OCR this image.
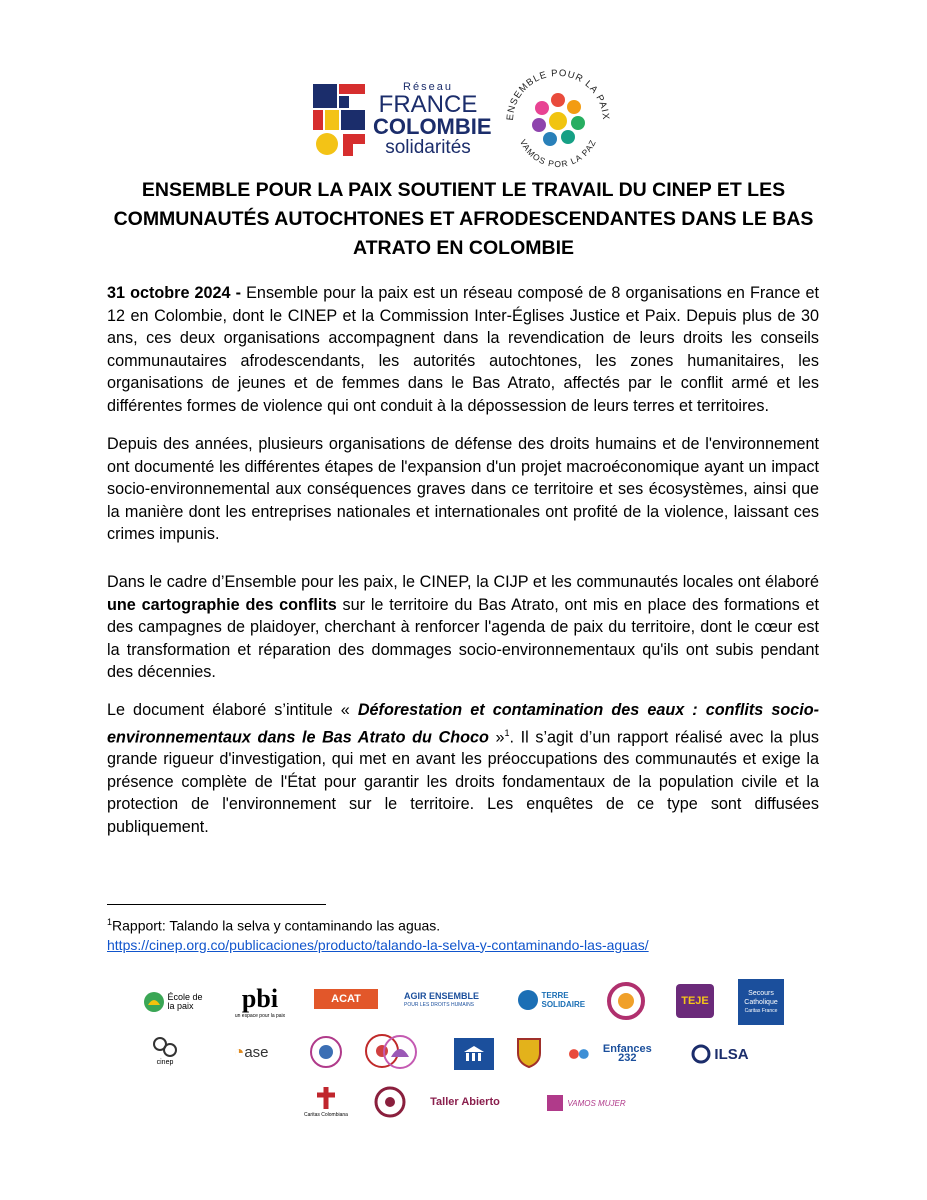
Réseau
FRANCE
COLOMBIE
solidarités
ENSEMBLE POUR LA PAIX
VAMOS POR LA PAZ
ENSEMBLE POUR LA PAIX SOUTIENT LE TRAVAIL DU CINEP ET LES COMMUNAUTÉS AUTOCHTONES ET AFRODESCENDANTES DANS LE BAS ATRATO EN COLOMBIE
31 octobre 2024 - Ensemble pour la paix est un réseau composé de 8 organisations en France et 12 en Colombie, dont le CINEP et la Commission Inter-Églises Justice et Paix. Depuis plus de 30 ans, ces deux organisations accompagnent dans la revendication de leurs droits les conseils communautaires afrodescendants, les autorités autochtones, les zones humanitaires, les organisations de jeunes et de femmes dans le Bas Atrato, affectés par le conflit armé et les différentes formes de violence qui ont conduit à la dépossession de leurs terres et territoires.
Depuis des années, plusieurs organisations de défense des droits humains et de l'environnement ont documenté les différentes étapes de l'expansion d'un projet macroéconomique ayant un impact socio-environnemental aux conséquences graves dans ce territoire et ses écosystèmes, ainsi que la manière dont les entreprises nationales et internationales ont profité de la violence, laissant ces crimes impunis.
Dans le cadre d’Ensemble pour les paix, le CINEP, la CIJP et les communautés locales ont élaboré une cartographie des conflits sur le territoire du Bas Atrato, ont mis en place des formations et des campagnes de plaidoyer, cherchant à renforcer l'agenda de paix du territoire, dont le cœur est la transformation et réparation des dommages socio-environnementaux qu'ils ont subis pendant des décennies.
Le document élaboré s’intitule « Déforestation et contamination des eaux : conflits socio-environnementaux dans le Bas Atrato du Choco »$^1$. Il s’agit d’un rapport réalisé avec la plus grande rigueur d'investigation, qui met en avant les préoccupations des communautés et exige la présence complète de l'État pour garantir les droits fondamentaux de la population civile et la protection de l'environnement sur le territoire. Les enquêtes de ce type sont diffusées publiquement.
$^1$Rapport: Talando la selva y contaminando las aguas.
https://cinep.org.co/publicaciones/producto/talando-la-selva-y-contaminando-las-aguas/
École de la paix	pbi
un espace pour la paix
ACAT	AGIR ENSEMBLE
POUR LES DROITS HUMAINS
TERRE SOLIDAIRE	TEJE
Secours Catholique
Caritas France
cinep
◔ ase	Enfances 232	ILSA
Caritas Colombiana
Taller Abierto	VAMOS MUJER
